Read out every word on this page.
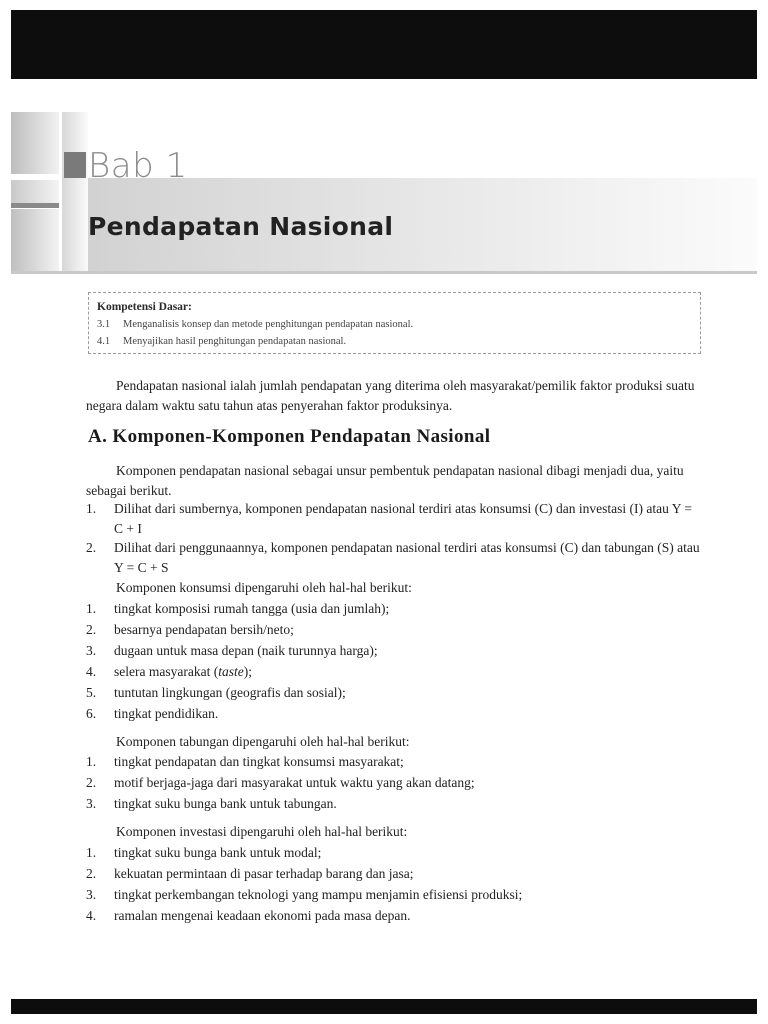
Bab 1
Pendapatan Nasional
Kompetensi Dasar:
3.1 Menganalisis konsep dan metode penghitungan pendapatan nasional.
4.1 Menyajikan hasil penghitungan pendapatan nasional.

Pendapatan nasional ialah jumlah pendapatan yang diterima oleh masyarakat/pemilik faktor produksi suatu negara dalam waktu satu tahun atas penyerahan faktor produksinya.

A. Komponen-Komponen Pendapatan Nasional

Komponen pendapatan nasional sebagai unsur pembentuk pendapatan nasional dibagi menjadi dua, yaitu sebagai berikut.

1.	Dilihat dari sumbernya, komponen pendapatan nasional terdiri atas konsumsi (C) dan investasi (I) atau Y = C + I
2.	Dilihat dari penggunaannya, komponen pendapatan nasional terdiri atas konsumsi (C) dan tabungan (S) atau Y = C + S
Komponen konsumsi dipengaruhi oleh hal-hal berikut:
1.	tingkat komposisi rumah tangga (usia dan jumlah);
2.	besarnya pendapatan bersih/neto;
3.	dugaan untuk masa depan (naik turunnya harga);
4.	selera masyarakat (taste);
5.	tuntutan lingkungan (geografis dan sosial);
6.	tingkat pendidikan.
Komponen tabungan dipengaruhi oleh hal-hal berikut:
1.	tingkat pendapatan dan tingkat konsumsi masyarakat;
2.	motif berjaga-jaga dari masyarakat untuk waktu yang akan datang;
3.	tingkat suku bunga bank untuk tabungan.
Komponen investasi dipengaruhi oleh hal-hal berikut:
1.	tingkat suku bunga bank untuk modal;
2.	kekuatan permintaan di pasar terhadap barang dan jasa;
3.	tingkat perkembangan teknologi yang mampu menjamin efisiensi produksi;
4.	ramalan mengenai keadaan ekonomi pada masa depan.
